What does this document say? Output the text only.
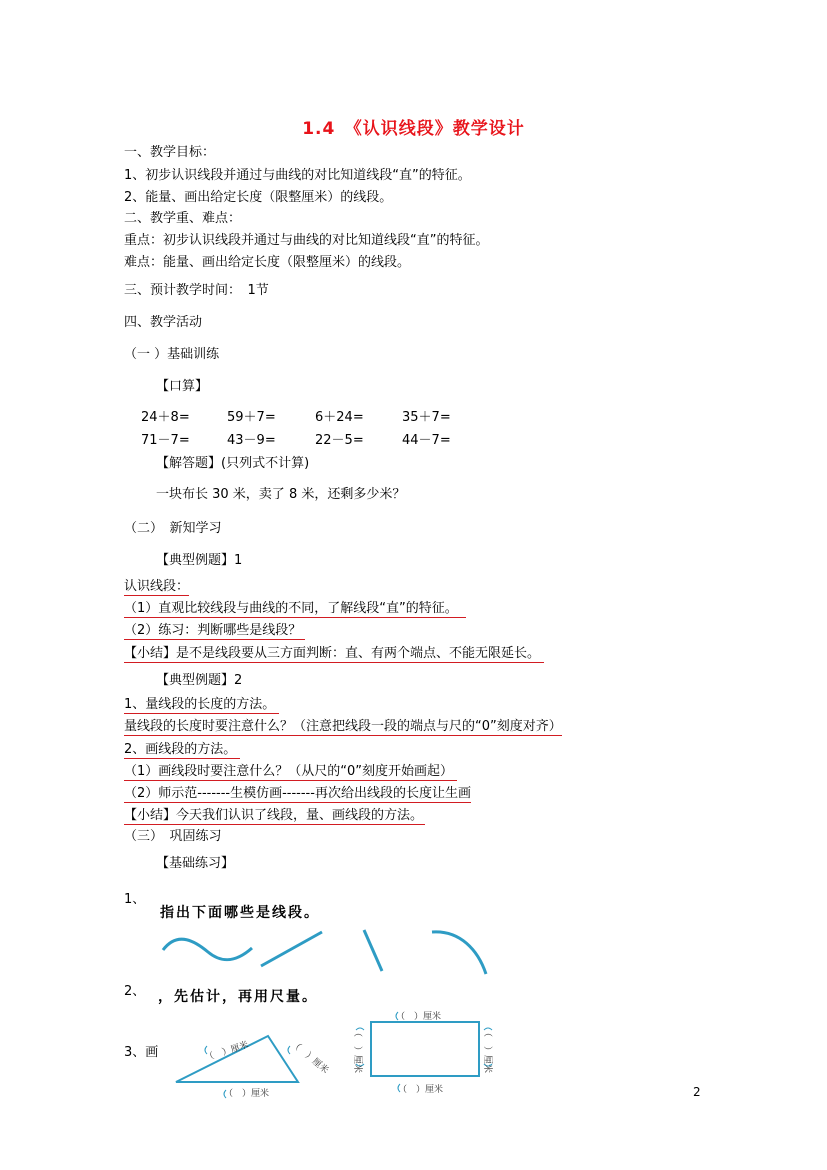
1.4　《认识线段》教学设计
一、教学目标：
1、初步认识线段并通过与曲线的对比知道线段“直”的特征。
2、能量、画出给定长度（限整厘米）的线段。
二、教学重、难点：
重点：初步认识线段并通过与曲线的对比知道线段“直”的特征。
难点：能量、画出给定长度（限整厘米）的线段。
三、预计教学时间：　1节
四、教学活动
（一 ）基础训练
【口算】
24＋8=	59＋7=	6＋24=	35＋7=
71－7=	43－9=	22－5=	44－7=
【解答题】(只列式不计算)
一块布长 30 米，卖了 8 米，还剩多少米？
（二）　新知学习
【典型例题】1
认识线段：
（1）直观比较线段与曲线的不同，了解线段“直”的特征。
（2）练习：判断哪些是线段？
【小结】是不是线段要从三方面判断：直、有两个端点、不能无限延长。
【典型例题】2
1、量线段的长度的方法。
量线段的长度时要注意什么？（注意把线段一段的端点与尺的“0”刻度对齐）
2、画线段的方法。
（1）画线段时要注意什么？（从尺的“0”刻度开始画起）
（2）师示范-------生模仿画-------再次给出线段的长度让生画
【小结】今天我们认识了线段，量、画线段的方法。
（三）　巩固练习
【基础练习】
1、
2、
3、画
指出下面哪些是线段。
，先估计，再用尺量。
（　）厘米	（　）厘米
（　）厘米
（　）厘米
（　）厘米
（　）厘米	（　）厘米
2
